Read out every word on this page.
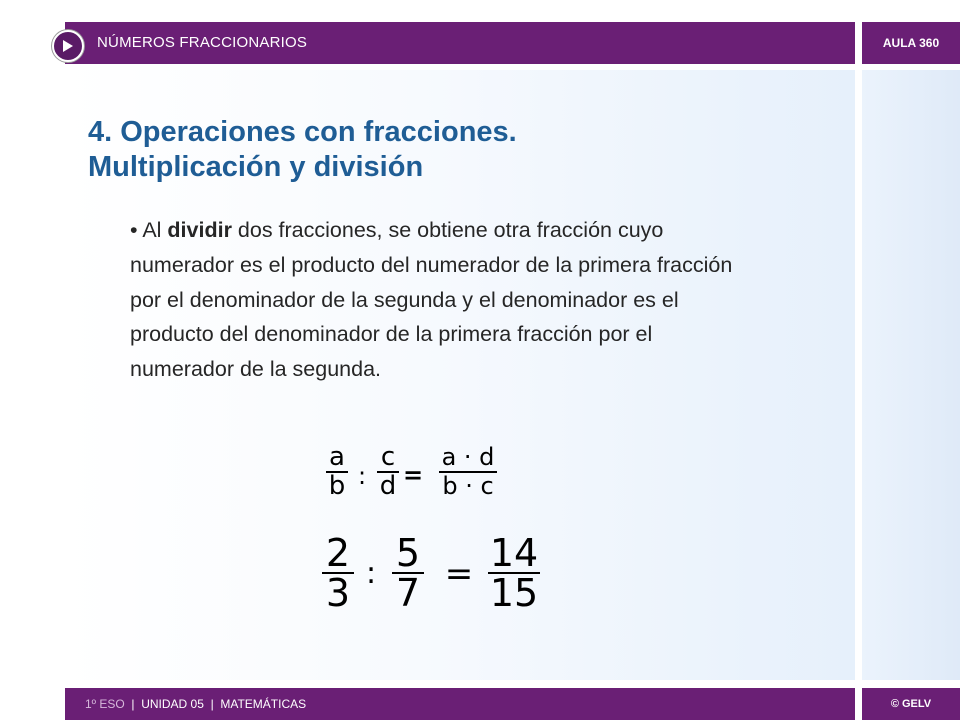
NÚMEROS FRACCIONARIOS	AULA 360
4. Operaciones con fracciones.
Multiplicación y división
• Al dividir dos fracciones, se obtiene otra fracción cuyo numerador es el producto del numerador de la primera fracción por el denominador de la segunda y el denominador es el producto del denominador de la primera fracción por el numerador de la segunda.
a
b :
c
d =
a · d
b · c
2
3 : 5
7 = 14
15
1º ESO | UNIDAD 05 | MATEMÁTICAS	© GELV
